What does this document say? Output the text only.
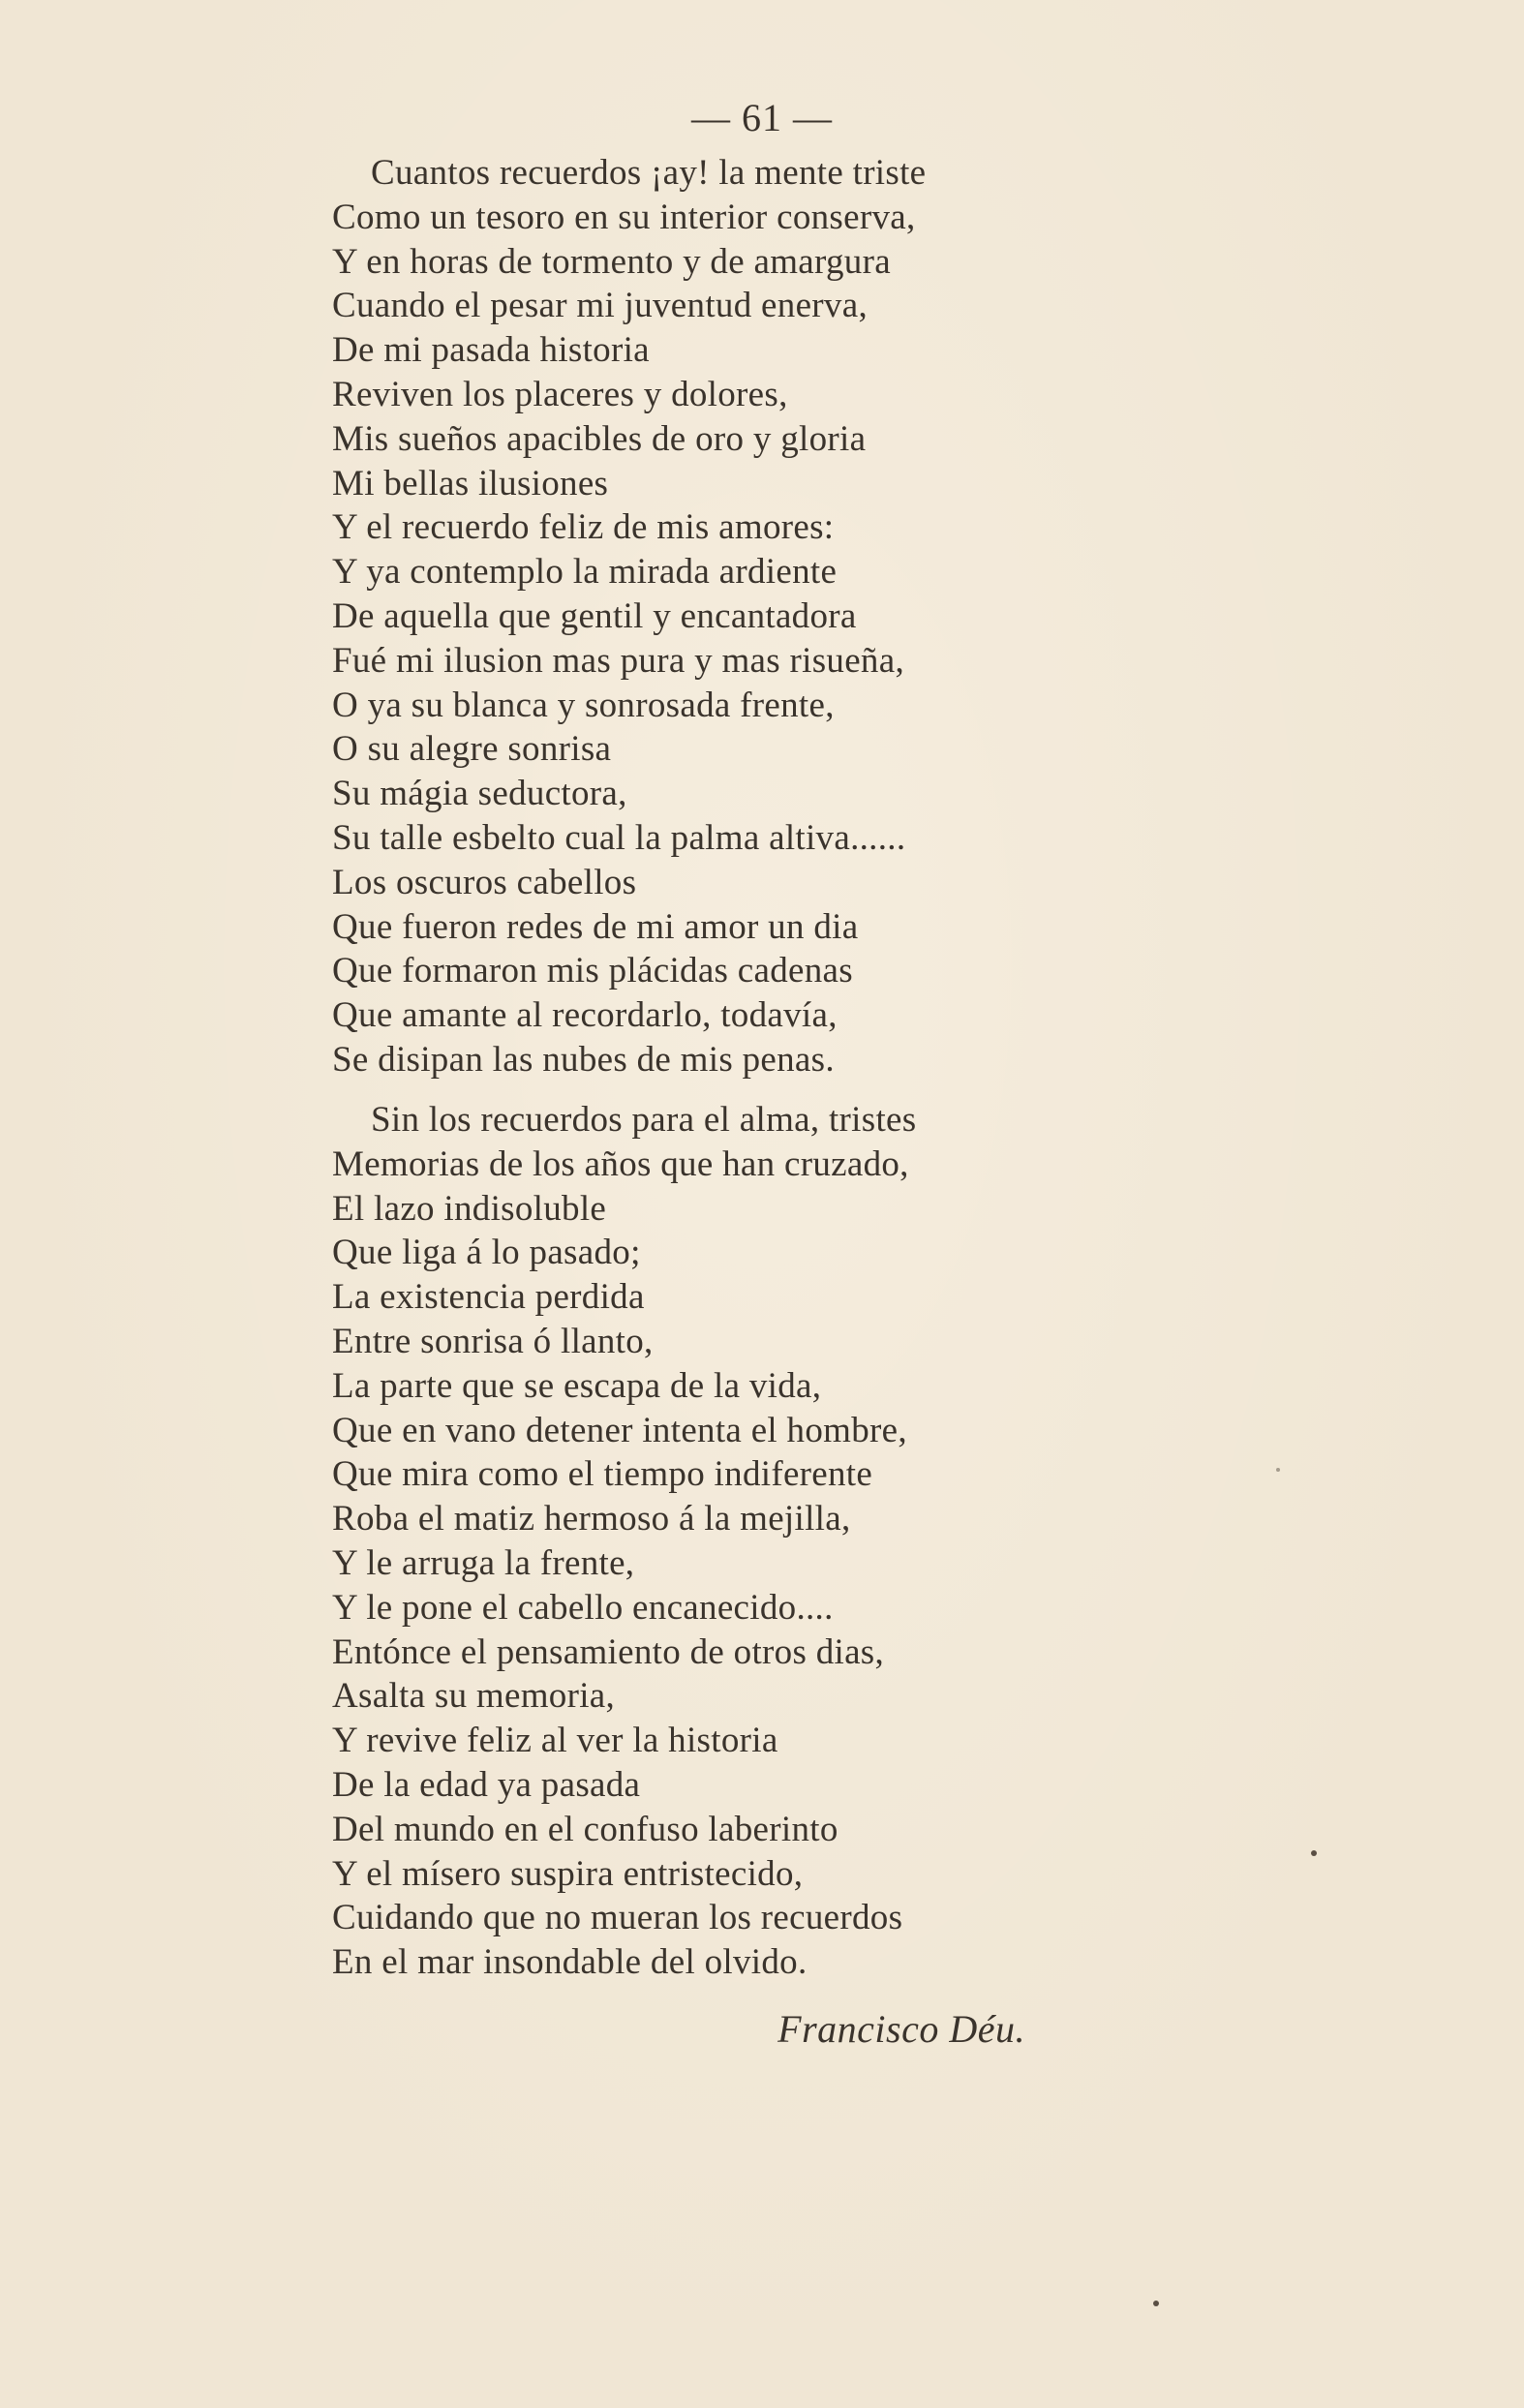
— 61 —
Cuantos recuerdos ¡ay! la mente triste
Como un tesoro en su interior conserva,
Y en horas de tormento y de amargura
Cuando el pesar mi juventud enerva,
De mi pasada historia
Reviven los placeres y dolores,
Mis sueños apacibles de oro y gloria
Mi bellas ilusiones
Y el recuerdo feliz de mis amores:
Y ya contemplo la mirada ardiente
De aquella que gentil y encantadora
Fué mi ilusion mas pura y mas risueña,
O ya su blanca y sonrosada frente,
O su alegre sonrisa
Su mágia seductora,
Su talle esbelto cual la palma altiva......
Los oscuros cabellos
Que fueron redes de mi amor un dia
Que formaron mis plácidas cadenas
Que amante al recordarlo, todavía,
Se disipan las nubes de mis penas.
Sin los recuerdos para el alma, tristes
Memorias de los años que han cruzado,
El lazo indisoluble
Que liga á lo pasado;
La existencia perdida
Entre sonrisa ó llanto,
La parte que se escapa de la vida,
Que en vano detener intenta el hombre,
Que mira como el tiempo indiferente
Roba el matiz hermoso á la mejilla,
Y le arruga la frente,
Y le pone el cabello encanecido....
Entónce el pensamiento de otros dias,
Asalta su memoria,
Y revive feliz al ver la historia
De la edad ya pasada
Del mundo en el confuso laberinto
Y el mísero suspira entristecido,
Cuidando que no mueran los recuerdos
En el mar insondable del olvido.
Francisco Déu.
